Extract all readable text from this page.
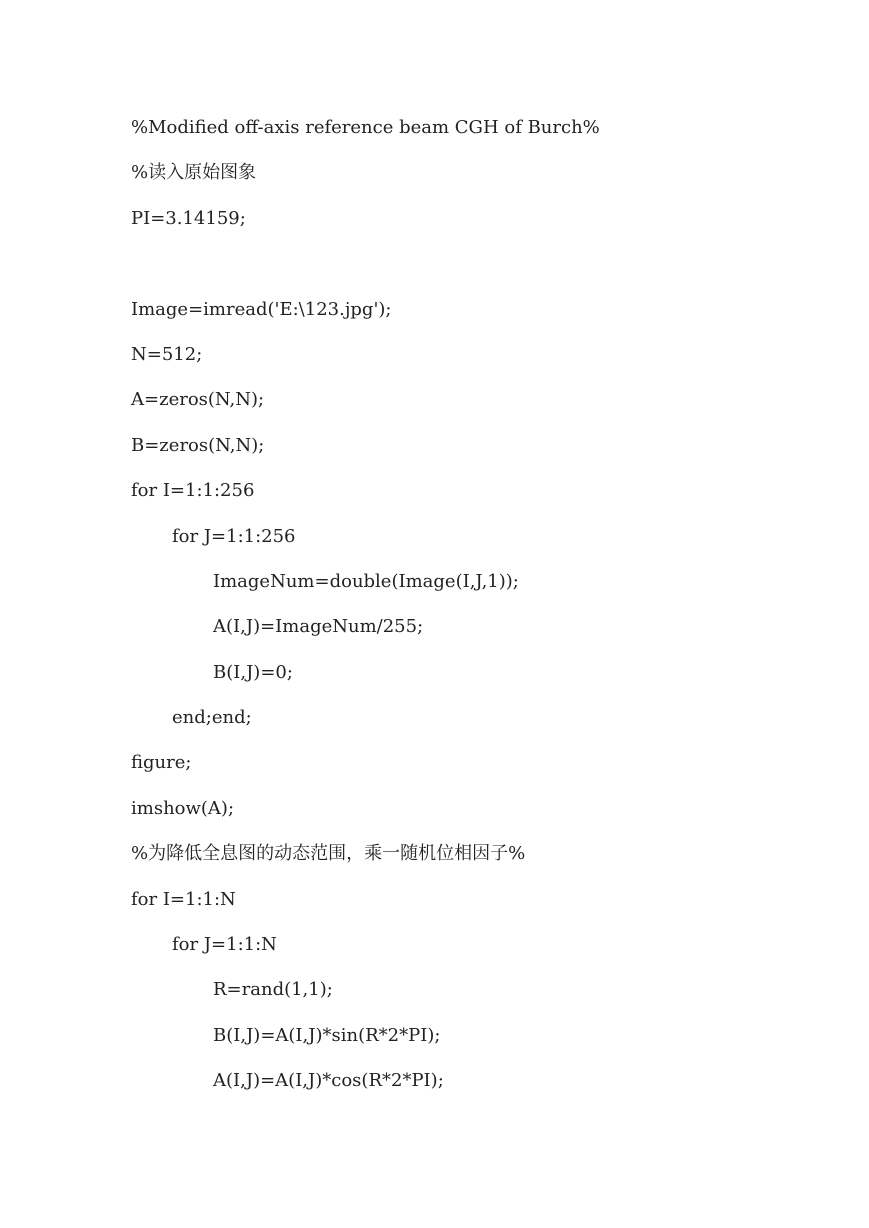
%Modified off-axis reference beam CGH of Burch%
%读入原始图象
PI=3.14159;
Image=imread('E:\123.jpg');
N=512;
A=zeros(N,N);
B=zeros(N,N);
for I=1:1:256
for J=1:1:256
ImageNum=double(Image(I,J,1));
A(I,J)=ImageNum/255;
B(I,J)=0;
end;end;
figure;
imshow(A);
%为降低全息图的动态范围，乘一随机位相因子%
for I=1:1:N
for J=1:1:N
R=rand(1,1);
B(I,J)=A(I,J)*sin(R*2*PI);
A(I,J)=A(I,J)*cos(R*2*PI);
